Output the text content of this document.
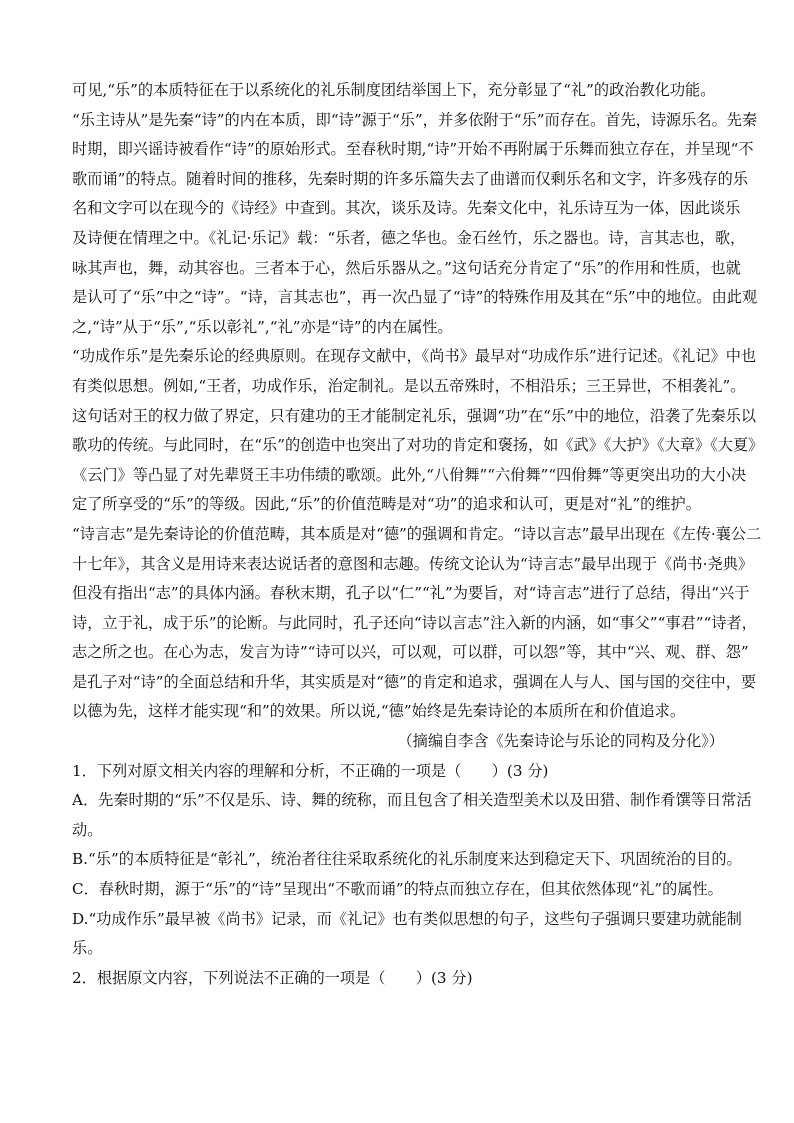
可见,“乐”的本质特征在于以系统化的礼乐制度团结举国上下，充分彰显了“礼”的政治教化功能。
“乐主诗从”是先秦“诗”的内在本质，即“诗”源于“乐”，并多依附于“乐”而存在。首先，诗源乐名。先秦
时期，即兴谣诗被看作“诗”的原始形式。至春秋时期,“诗”开始不再附属于乐舞而独立存在，并呈现“不
歌而诵”的特点。随着时间的推移，先秦时期的许多乐篇失去了曲谱而仅剩乐名和文字，许多残存的乐
名和文字可以在现今的《诗经》中查到。其次，谈乐及诗。先秦文化中，礼乐诗互为一体，因此谈乐
及诗便在情理之中。《礼记·乐记》载：“乐者，德之华也。金石丝竹，乐之器也。诗，言其志也，歌，
咏其声也，舞，动其容也。三者本于心，然后乐器从之。”这句话充分肯定了“乐”的作用和性质，也就
是认可了“乐”中之“诗”。“诗，言其志也”，再一次凸显了“诗”的特殊作用及其在“乐”中的地位。由此观
之,“诗”从于“乐”,“乐以彰礼”,“礼”亦是“诗”的内在属性。
“功成作乐”是先秦乐论的经典原则。在现存文献中，《尚书》最早对“功成作乐”进行记述。《礼记》中也
有类似思想。例如,“王者，功成作乐，治定制礼。是以五帝殊时，不相沿乐；三王异世，不相袭礼”。
这句话对王的权力做了界定，只有建功的王才能制定礼乐，强调“功”在“乐”中的地位，沿袭了先秦乐以
歌功的传统。与此同时，在“乐”的创造中也突出了对功的肯定和褒扬，如《武》《大护》《大章》《大夏》
《云门》等凸显了对先辈贤王丰功伟绩的歌颂。此外,“八佾舞”“六佾舞”“四佾舞”等更突出功的大小决
定了所享受的“乐”的等级。因此,“乐”的价值范畴是对“功”的追求和认可，更是对“礼”的维护。
“诗言志”是先秦诗论的价值范畴，其本质是对“德”的强调和肯定。“诗以言志”最早出现在《左传·襄公二
十七年》，其含义是用诗来表达说话者的意图和志趣。传统文论认为“诗言志”最早出现于《尚书·尧典》
但没有指出“志”的具体内涵。春秋末期，孔子以“仁”“礼”为要旨，对“诗言志”进行了总结，得出“兴于
诗，立于礼，成于乐”的论断。与此同时，孔子还向“诗以言志”注入新的内涵，如“事父”“事君”“诗者，
志之所之也。在心为志，发言为诗”“诗可以兴，可以观，可以群，可以怨”等，其中“兴、观、群、怨”
是孔子对“诗”的全面总结和升华，其实质是对“德”的肯定和追求，强调在人与人、国与国的交往中，要
以德为先，这样才能实现“和”的效果。所以说,“德”始终是先秦诗论的本质所在和价值追求。
（摘编自李含《先秦诗论与乐论的同构及分化》）
1．下列对原文相关内容的理解和分析，不正确的一项是（　　）(3 分)
A．先秦时期的“乐”不仅是乐、诗、舞的统称，而且包含了相关造型美术以及田猎、制作肴馔等日常活
动。
B.“乐”的本质特征是“彰礼”，统治者往往采取系统化的礼乐制度来达到稳定天下、巩固统治的目的。
C．春秋时期，源于“乐”的“诗”呈现出“不歌而诵”的特点而独立存在，但其依然体现“礼”的属性。
D.“功成作乐”最早被《尚书》记录，而《礼记》也有类似思想的句子，这些句子强调只要建功就能制
乐。
2．根据原文内容，下列说法不正确的一项是（　　）(3 分)
